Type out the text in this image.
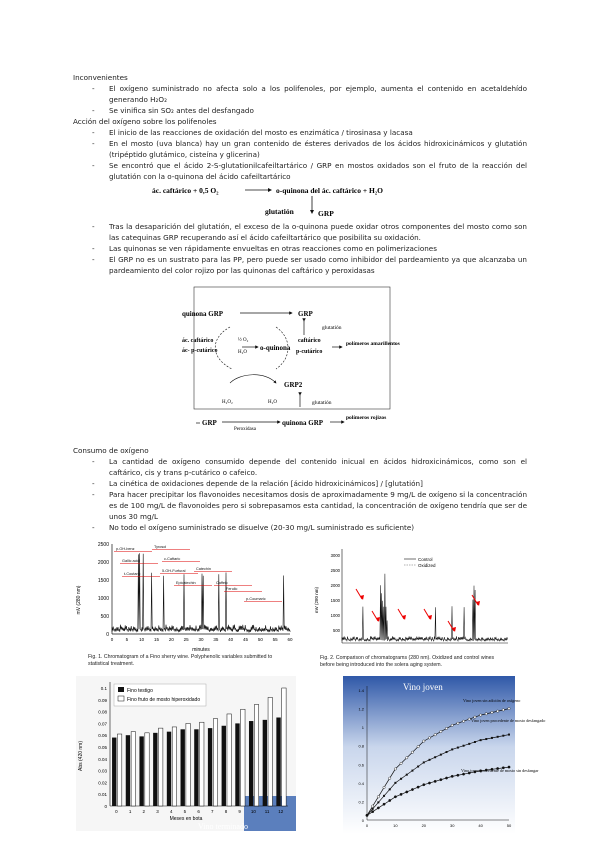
Inconvenientes
-	El oxígeno suministrado no afecta solo a los polifenoles, por ejemplo, aumenta el contenido en acetaldehído generando H₂O₂
-	Se vinifica sin SO₂ antes del desfangado
Acción del oxígeno sobre los polifenoles
-	El inicio de las reacciones de oxidación del mosto es enzimática / tirosinasa y lacasa
-	En el mosto (uva blanca) hay un gran contenido de ésteres derivados de los ácidos hidroxicinámicos y glutatión (tripéptido glutámico, cisteína y glicerina)
-	Se encontró que el ácido 2-S-glutationilcafeiltartárico / GRP en mostos oxidados son el fruto de la reacción del glutatión con la o-quinona del ácido cafeiltartárico
ác. caftárico + 0,5 O₂	o-quinona del ác. caftárico + H₂O
glutatión	GRP
-	Tras la desaparición del glutatión, el exceso de la o-quinona puede oxidar otros componentes del mosto como son las catequinas GRP recuperando así el ácido cafeiltartárico que posibilita su oxidación.
-	Las quinonas se ven rápidamente envueltas en otras reacciones como en polimerizaciones
-	El GRP no es un sustrato para las PP, pero puede ser usado como inhibidor del pardeamiento ya que alcanzaba un pardeamiento del color rojizo por las quinonas del caftárico y peroxidasas
quinona GRP	GRP
glutatión
ác. caftárico
ác- p-cutárico
½ O₂
H₂O
o-quinona
caftárico
p-cutárico
polímeros amarillentos
GRP2
H₂O₂	H₂O	glutatión
GRP
Peroxidasa
quinona GRP
polímeros rojizos
Consumo de oxígeno
-	La cantidad de oxígeno consumido depende del contenido inicual en ácidos hidroxicinámicos, como son el caftárico, cis y trans p-cutárico o cafeico.
-	La cinética de oxidaciones depende de la relación [ácido hidroxicinámicos] / [glutatión]
-	Para hacer precipitar los flavonoides necesitamos dosis de aproximadamente 9 mg/L de oxígeno si la concentración es de 100 mg/L de flavonoides pero si sobrepasamos esta cantidad, la concentración de oxígeno tendría que ser de unos 30 mg/L
-	No todo el oxígeno suministrado se disuelve (20-30 mg/L suministrado es suficiente)
mV (280 nm)
2500
2000
1500
1000
500
0
0	5 10 15 20 25 30 35 40 45 50 55 60
p-OH-benz	Tyrosol
Gallic acid	c-Caftaric
t-Coutaric
5-OH-Furfural	Catechin
Caffeic
Ferulic
Epicatechin
p-Coumaric
minutes
Fig. 1. Chromatogram of a Fino sherry wine. Polyphenolic variables submitted to statistical treatment.
mV (280 nm)
3000
2500
2000
1500
1000
500
Control
Oxidized
Fig. 2. Comparison of chromatograms (280 nm). Oxidized and control wines before being introduced into the solera aging system.
Abs (420 nm)
0.1
0.09
0.08
0.07
0.06
0.05
0.04
0.03
0.02
0.01
0
0 1 2 3 4 5 6 7 8 9 10 11 12
Fino testigo
Fino fruto de mosto hiperoxidado
Meses en bota
Vino terminado
Vino joven
1.4
1.2
1
0.8
0.6
0.4
0.2
0
0	10	20	30	40	50
Vino joven sin adición de oxígeno
Vino joven procedente de mosto desfangado
Vino joven procedente de mosto sin desfangar
